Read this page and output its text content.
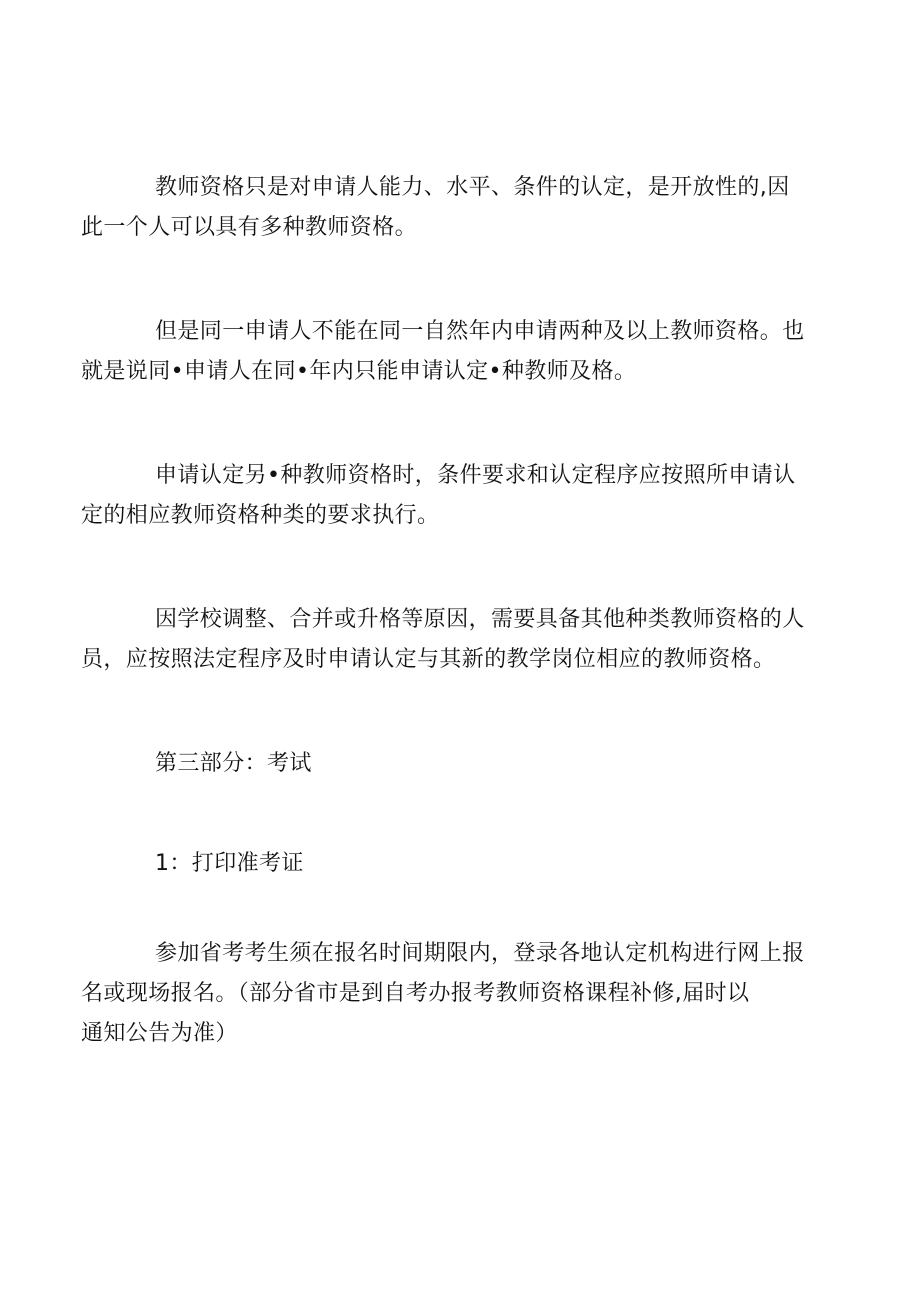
教师资格只是对申请人能力、水平、条件的认定，是开放性的,因
此一个人可以具有多种教师资格。

但是同一申请人不能在同一自然年内申请两种及以上教师资格。也
就是说同•申请人在同•年内只能申请认定•种教师及格。

申请认定另•种教师资格时，条件要求和认定程序应按照所申请认
定的相应教师资格种类的要求执行。

因学校调整、合并或升格等原因，需要具备其他种类教师资格的人
员，应按照法定程序及时申请认定与其新的教学岗位相应的教师资格。

第三部分：考试

1：打印准考证

参加省考考生须在报名时间期限内，登录各地认定机构进行网上报
名或现场报名。（部分省市是到自考办报考教师资格课程补修,届时以
通知公告为准）
